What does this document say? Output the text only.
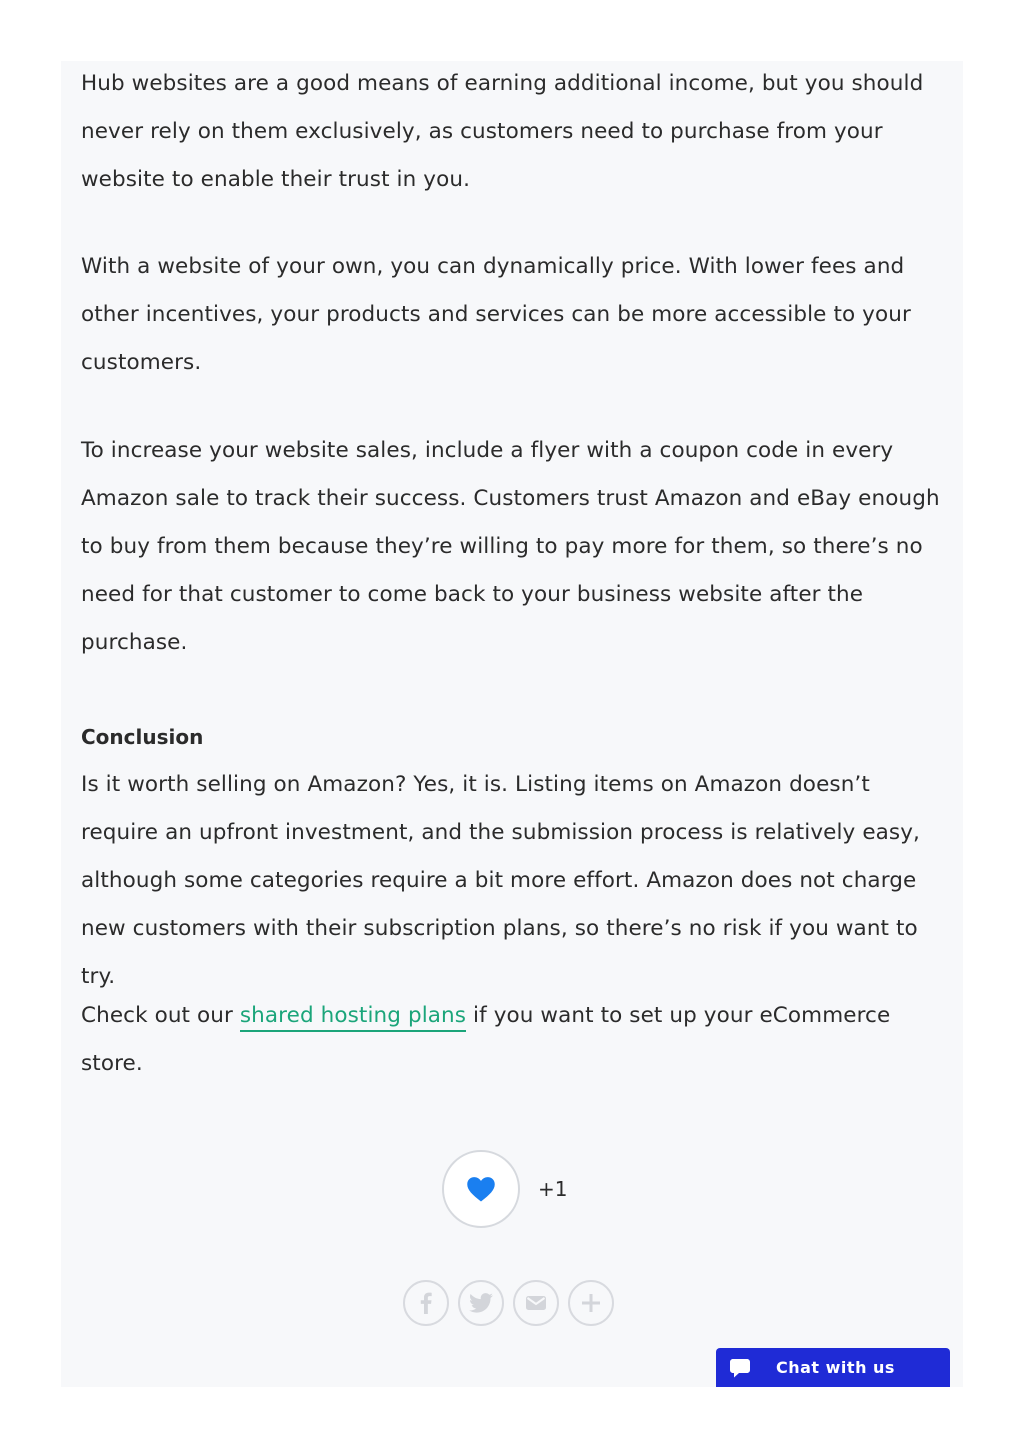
Hub websites are a good means of earning additional income, but you should never rely on them exclusively, as customers need to purchase from your website to enable their trust in you.

With a website of your own, you can dynamically price. With lower fees and other incentives, your products and services can be more accessible to your customers.

To increase your website sales, include a flyer with a coupon code in every Amazon sale to track their success. Customers trust Amazon and eBay enough to buy from them because they’re willing to pay more for them, so there’s no need for that customer to come back to your business website after the purchase.

Conclusion

Is it worth selling on Amazon? Yes, it is. Listing items on Amazon doesn’t require an upfront investment, and the submission process is relatively easy, although some categories require a bit more effort. Amazon does not charge new customers with their subscription plans, so there’s no risk if you want to try.

Check out our shared hosting plans if you want to set up your eCommerce store.

+1
Chat with us
